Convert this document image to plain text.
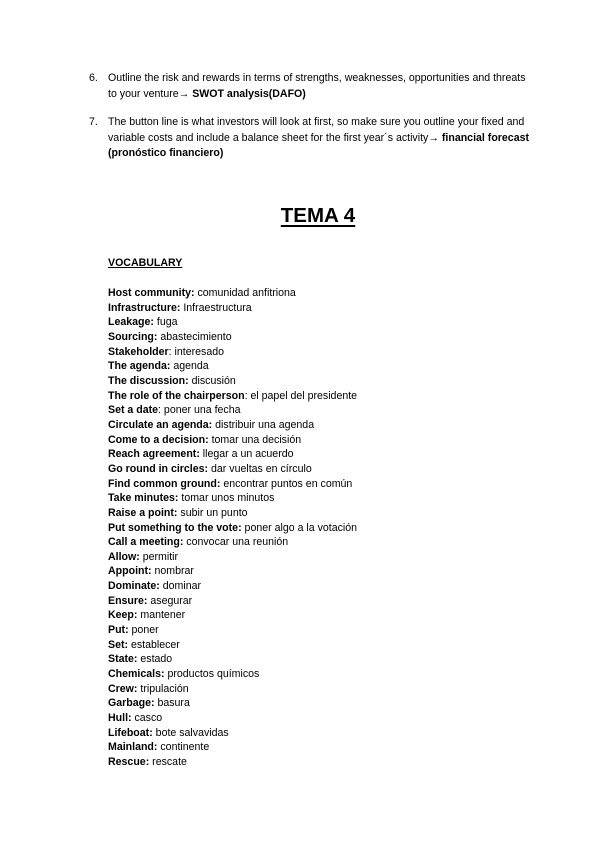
6. Outline the risk and rewards in terms of strengths, weaknesses, opportunities and threats to your venture→ SWOT analysis(DAFO)
7. The button line is what investors will look at first, so make sure you outline your fixed and variable costs and include a balance sheet for the first year´s activity→ financial forecast (pronóstico financiero)
TEMA 4
VOCABULARY
Host community: comunidad anfitriona
Infrastructure: Infraestructura
Leakage: fuga
Sourcing: abastecimiento
Stakeholder: interesado
The agenda: agenda
The discussion: discusión
The role of the chairperson: el papel del presidente
Set a date: poner una fecha
Circulate an agenda: distribuir una agenda
Come to a decision: tomar una decisión
Reach agreement: llegar a un acuerdo
Go round in circles: dar vueltas en círculo
Find common ground: encontrar puntos en común
Take minutes: tomar unos minutos
Raise a point: subir un punto
Put something to the vote: poner algo a la votación
Call a meeting: convocar una reunión
Allow: permitir
Appoint: nombrar
Dominate: dominar
Ensure: asegurar
Keep: mantener
Put: poner
Set: establecer
State: estado
Chemicals: productos químicos
Crew: tripulación
Garbage: basura
Hull: casco
Lifeboat: bote salvavidas
Mainland: continente
Rescue: rescate
